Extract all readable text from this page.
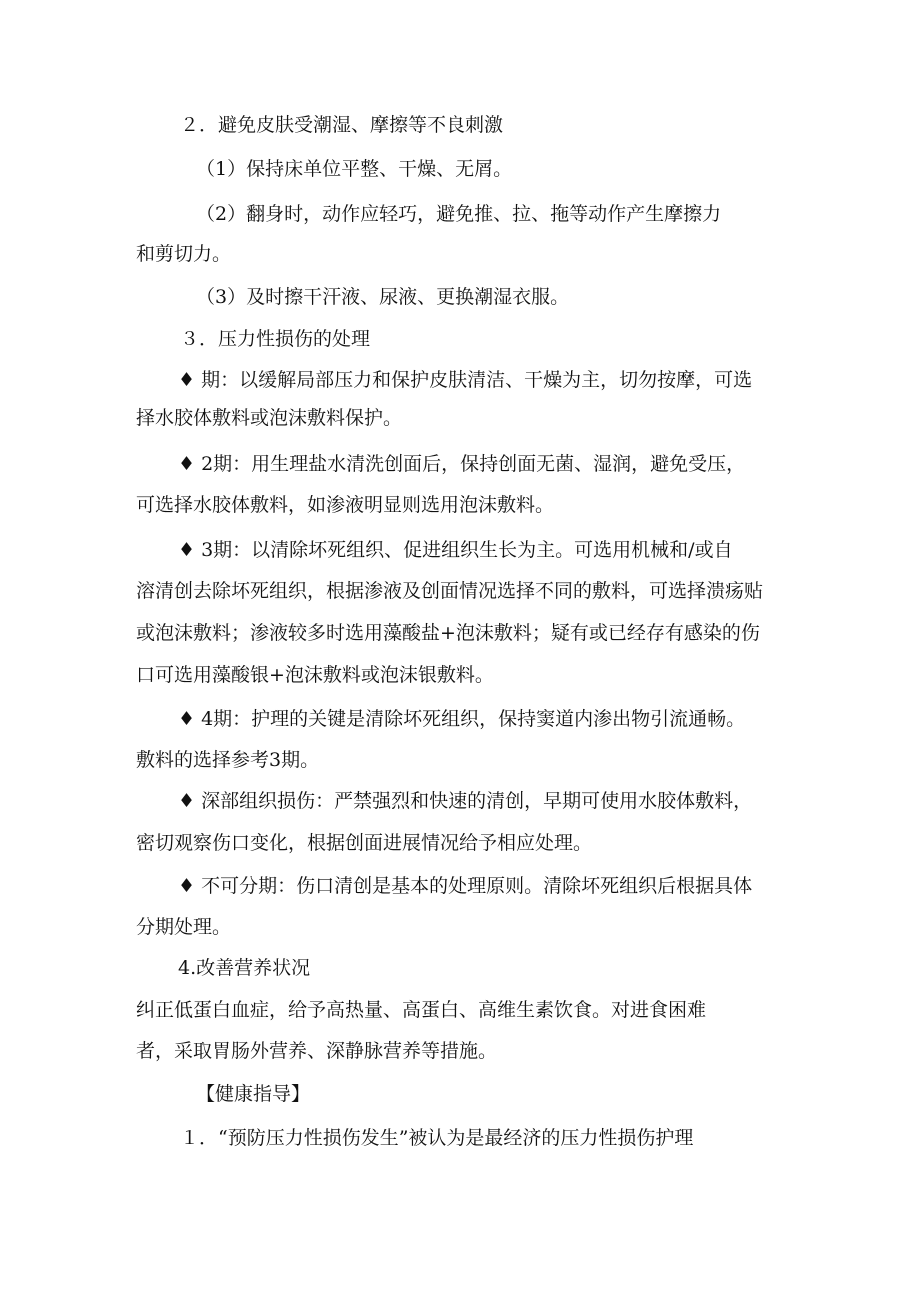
２．避免皮肤受潮湿、摩擦等不良刺激
（1）保持床单位平整、干燥、无屑。
（2）翻身时，动作应轻巧，避免推、拉、拖等动作产生摩擦力
和剪切力。
（3）及时擦干汗液、尿液、更换潮湿衣服。
３．压力性损伤的处理
♦ 期：以缓解局部压力和保护皮肤清洁、干燥为主，切勿按摩，可选
择水胶体敷料或泡沫敷料保护。
♦ 2期：用生理盐水清洗创面后，保持创面无菌、湿润，避免受压，
可选择水胶体敷料，如渗液明显则选用泡沫敷料。
♦ 3期：以清除坏死组织、促进组织生长为主。可选用机械和/或自
溶清创去除坏死组织，根据渗液及创面情况选择不同的敷料，可选择溃疡贴
或泡沫敷料；渗液较多时选用藻酸盐+泡沫敷料；疑有或已经存有感染的伤
口可选用藻酸银+泡沫敷料或泡沫银敷料。
♦ 4期：护理的关键是清除坏死组织，保持窦道内渗出物引流通畅。
敷料的选择参考3期。
♦ 深部组织损伤：严禁强烈和快速的清创，早期可使用水胶体敷料，
密切观察伤口变化，根据创面进展情况给予相应处理。
♦ 不可分期：伤口清创是基本的处理原则。清除坏死组织后根据具体
分期处理。
4.改善营养状况
纠正低蛋白血症，给予高热量、高蛋白、高维生素饮食。对进食困难
者，采取胃肠外营养、深静脉营养等措施。
【健康指导】
１．“预防压力性损伤发生”被认为是最经济的压力性损伤护理
